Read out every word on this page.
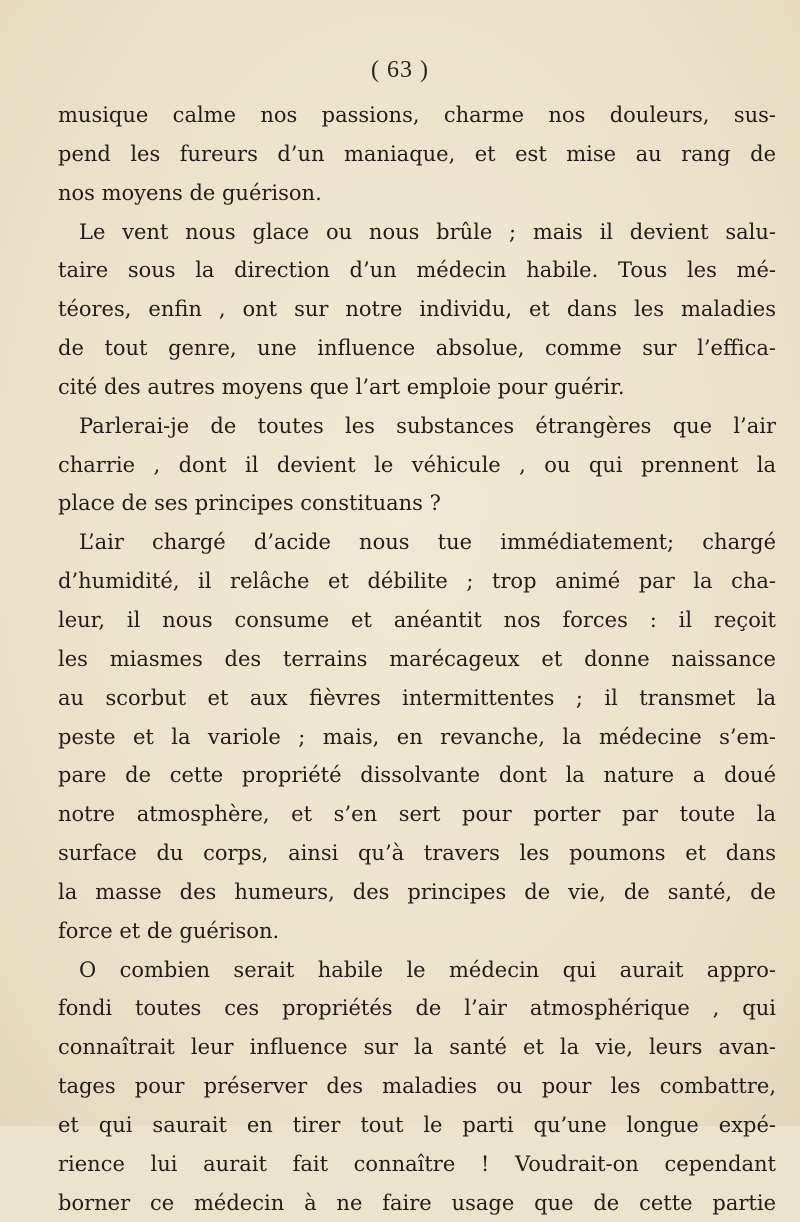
( 63 )
musique calme nos passions, charme nos douleurs, sus-
pend les fureurs d’un maniaque, et est mise au rang de
nos moyens de guérison.
Le vent nous glace ou nous brûle ; mais il devient salu-
taire sous la direction d’un médecin habile. Tous les mé-
téores, enfin , ont sur notre individu, et dans les maladies
de tout genre, une influence absolue, comme sur l’effica-
cité des autres moyens que l’art emploie pour guérir.
Parlerai-je de toutes les substances étrangères que l’air
charrie , dont il devient le véhicule , ou qui prennent la
place de ses principes constituans ?
L’air chargé d’acide nous tue immédiatement; chargé
d’humidité, il relâche et débilite ; trop animé par la cha-
leur, il nous consume et anéantit nos forces : il reçoit
les miasmes des terrains marécageux et donne naissance
au scorbut et aux fièvres intermittentes ; il transmet la
peste et la variole ; mais, en revanche, la médecine s’em-
pare de cette propriété dissolvante dont la nature a doué
notre atmosphère, et s’en sert pour porter par toute la
surface du corps, ainsi qu’à travers les poumons et dans
la masse des humeurs, des principes de vie, de santé, de
force et de guérison.
O combien serait habile le médecin qui aurait appro-
fondi toutes ces propriétés de l’air atmosphérique , qui
connaîtrait leur influence sur la santé et la vie, leurs avan-
tages pour préserver des maladies ou pour les combattre,
et qui saurait en tirer tout le parti qu’une longue expé-
rience lui aurait fait connaître ! Voudrait-on cependant
borner ce médecin à ne faire usage que de cette partie
